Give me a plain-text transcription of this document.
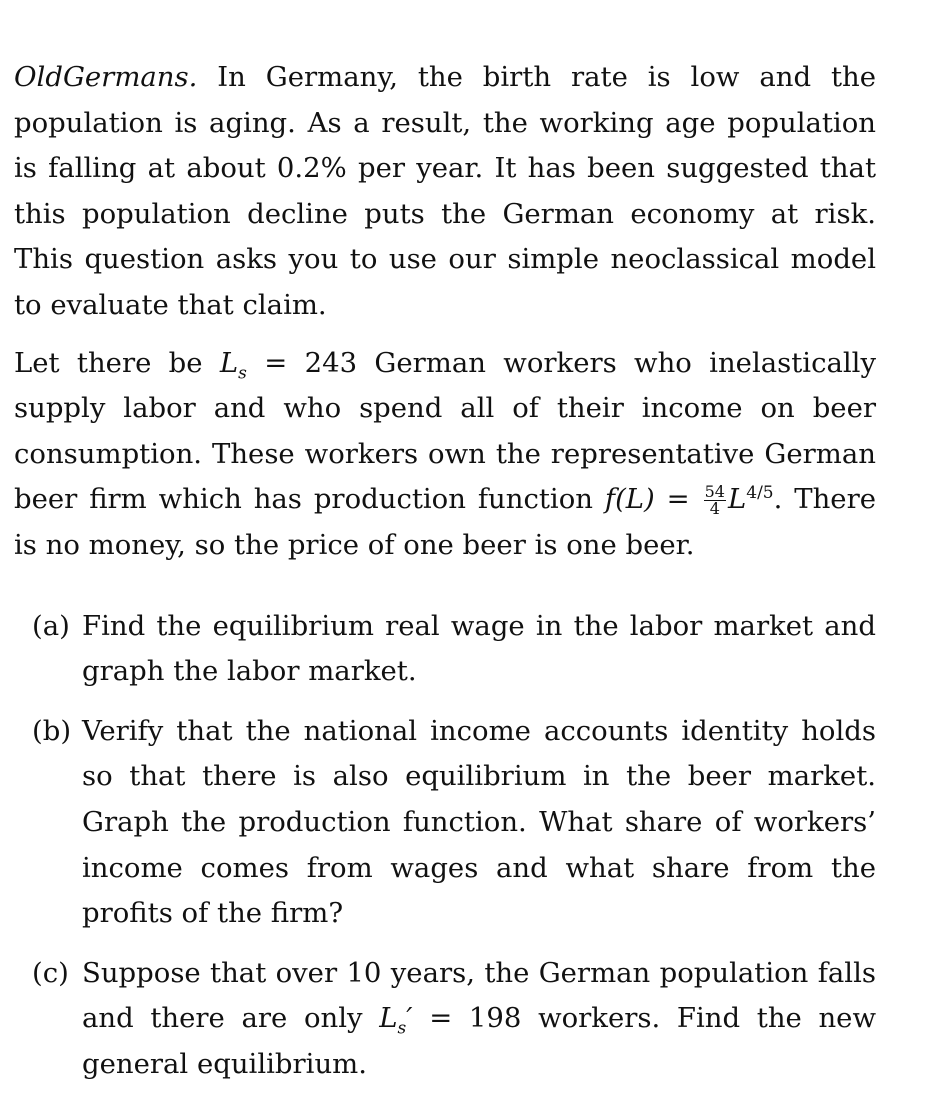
OldGermans. In Germany, the birth rate is low and the population is aging. As a result, the working age population is falling at about 0.2% per year. It has been suggested that this population decline puts the German economy at risk. This question asks you to use our simple neoclassical model to evaluate that claim.

Let there be $L_s = 243$ German workers who inelastically supply labor and who spend all of their income on beer consumption. These workers own the representative German beer firm which has production function $f(L) = \frac{54}{4} L^{4/5}$. There is no money, so the price of one beer is one beer.

(a) Find the equilibrium real wage in the labor market and graph the labor market.
(b) Verify that the national income accounts identity holds so that there is also equilibrium in the beer market. Graph the production function. What share of workers’ income comes from wages and what share from the profits of the firm?
(c) Suppose that over 10 years, the German population falls and there are only $L_s' = 198$ workers. Find the new general equilibrium.
